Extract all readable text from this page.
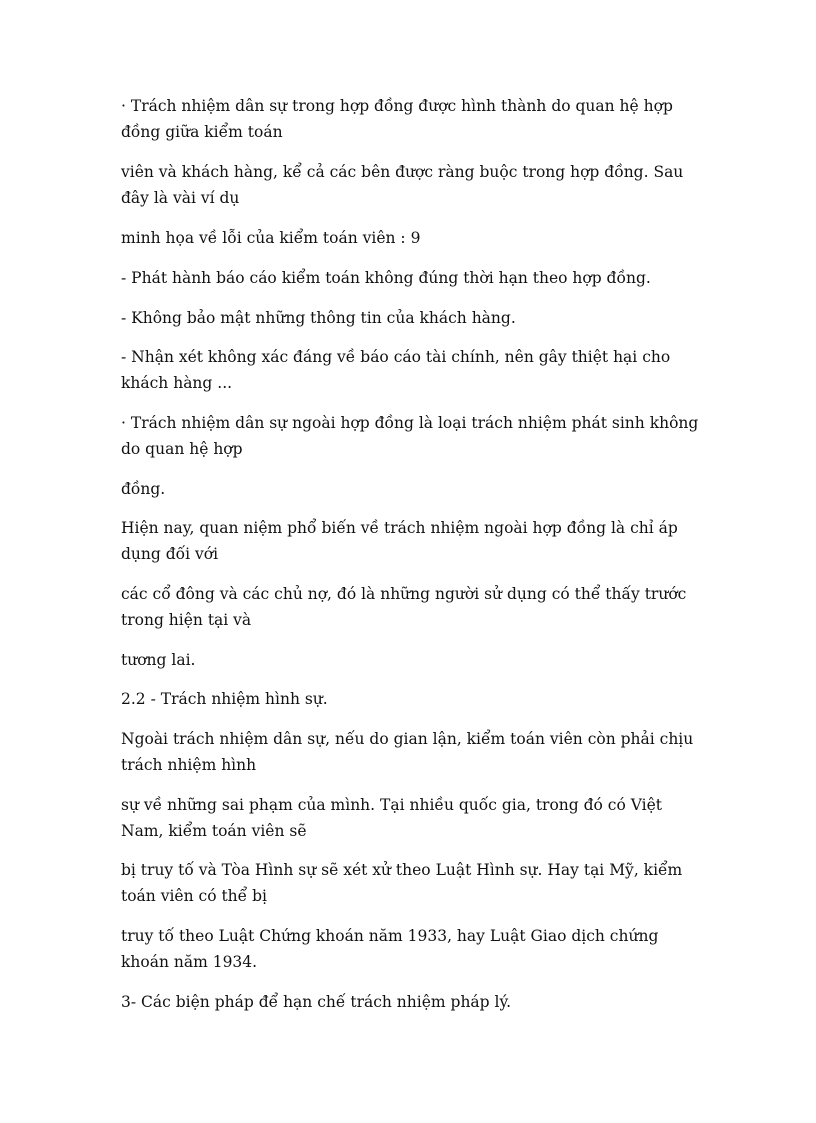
· Trách nhiệm dân sự trong hợp đồng được hình thành do quan hệ hợp đồng giữa kiểm toán

viên và khách hàng, kể cả các bên được ràng buộc trong hợp đồng. Sau đây là vài ví dụ

minh họa về lỗi của kiểm toán viên : 9

- Phát hành báo cáo kiểm toán không đúng thời hạn theo hợp đồng.

- Không bảo mật những thông tin của khách hàng.

- Nhận xét không xác đáng về báo cáo tài chính, nên gây thiệt hại cho khách hàng ...

· Trách nhiệm dân sự ngoài hợp đồng là loại trách nhiệm phát sinh không do quan hệ hợp

đồng.

Hiện nay, quan niệm phổ biến về trách nhiệm ngoài hợp đồng là chỉ áp dụng đối với

các cổ đông và các chủ nợ, đó là những người sử dụng có thể thấy trước trong hiện tại và

tương lai.

2.2 - Trách nhiệm hình sự.

Ngoài trách nhiệm dân sự, nếu do gian lận, kiểm toán viên còn phải chịu trách nhiệm hình

sự về những sai phạm của mình. Tại nhiều quốc gia, trong đó có Việt Nam, kiểm toán viên sẽ

bị truy tố và Tòa Hình sự sẽ xét xử theo Luật Hình sự. Hay tại Mỹ, kiểm toán viên có thể bị

truy tố theo Luật Chứng khoán năm 1933, hay Luật Giao dịch chứng khoán năm 1934.

3- Các biện pháp để hạn chế trách nhiệm pháp lý.
